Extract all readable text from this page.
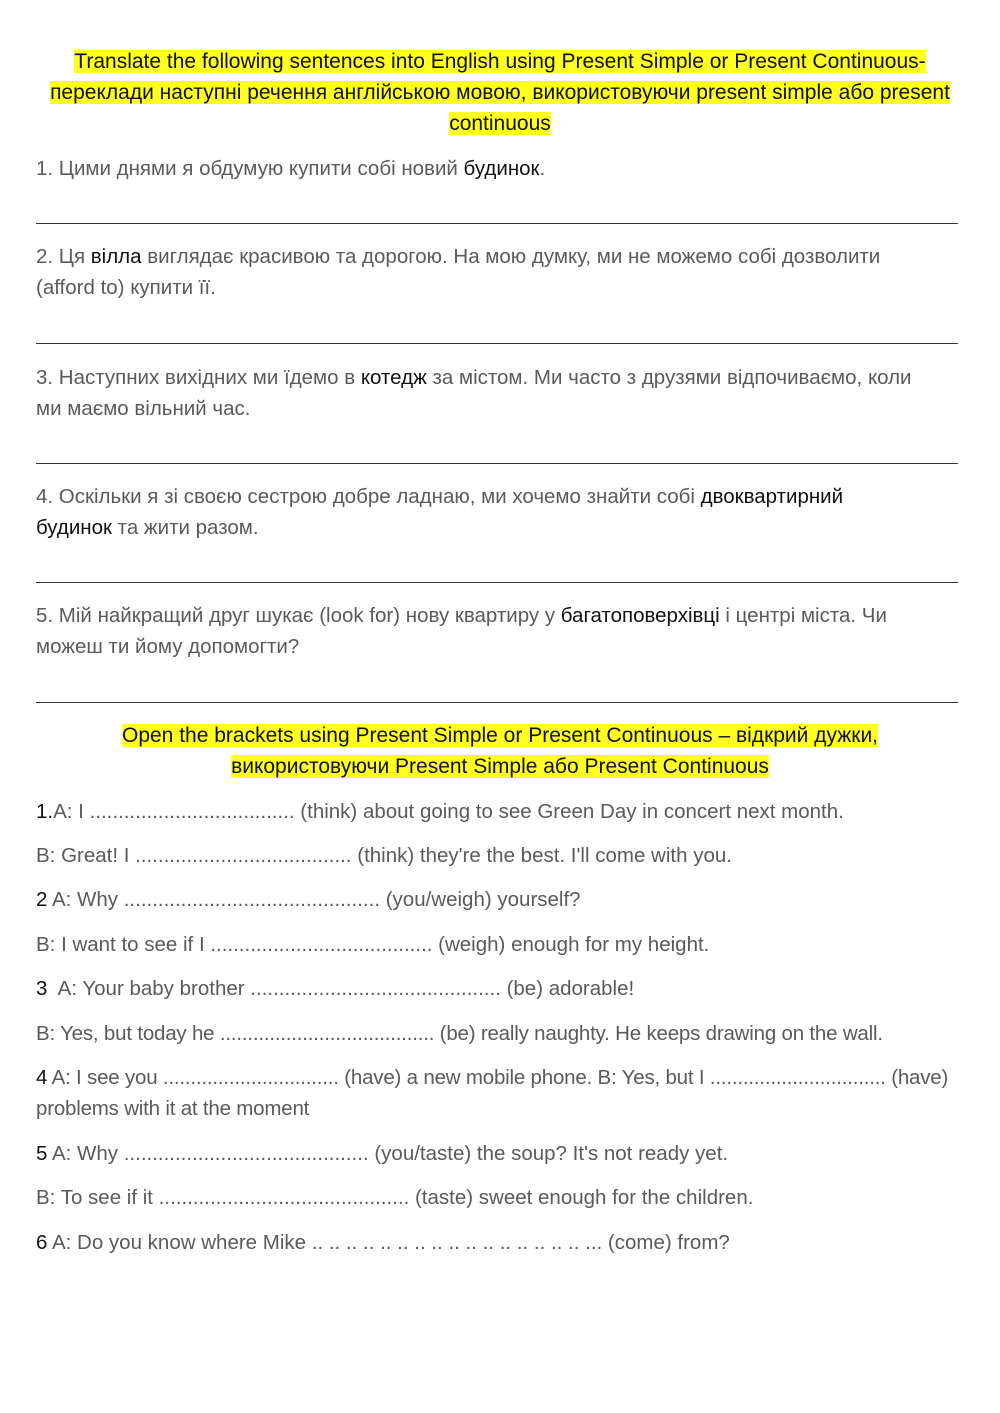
Translate the following sentences into English using Present Simple or Present Continuous-
переклади наступні речення англійською мовою, використовуючи present simple або present
continuous
1. Цими днями я обдумую купити собі новий будинок.
2. Ця вілла виглядає красивою та дорогою. На мою думку, ми не можемо собі дозволити
(afford to) купити її.
3. Наступних вихідних ми їдемо в котедж за містом. Ми часто з друзями відпочиваємо, коли
ми маємо вільний час.
4. Оскільки я зі своєю сестрою добре ладнаю, ми хочемо знайти собі двоквартирний
будинок та жити разом.
5. Мій найкращий друг шукає (look for) нову квартиру у багатоповерхівці і центрі міста. Чи
можеш ти йому допомогти?
Open the brackets using Present Simple or Present Continuous – відкрий дужки,
використовуючи Present Simple або Present Continuous
1.A: I .................................... (think) about going to see Green Day in concert next month.
B: Great! I ...................................... (think) they're the best. I'll come with you.
2 A: Why ............................................. (you/weigh) yourself?
B: I want to see if I ....................................... (weigh) enough for my height.
3  A: Your baby brother ............................................ (be) adorable!
B: Yes, but today he ....................................... (be) really naughty. He keeps drawing on the wall.
4 A: I see you ................................ (have) a new mobile phone. B: Yes, but I ................................ (have) problems with it at the moment
5 A: Why ........................................... (you/taste) the soup? It's not ready yet.
B: To see if it ............................................ (taste) sweet enough for the children.
6 A: Do you know where Mike .. .. .. .. .. .. .. .. .. .. .. .. .. .. .. .. ... (come) from?
